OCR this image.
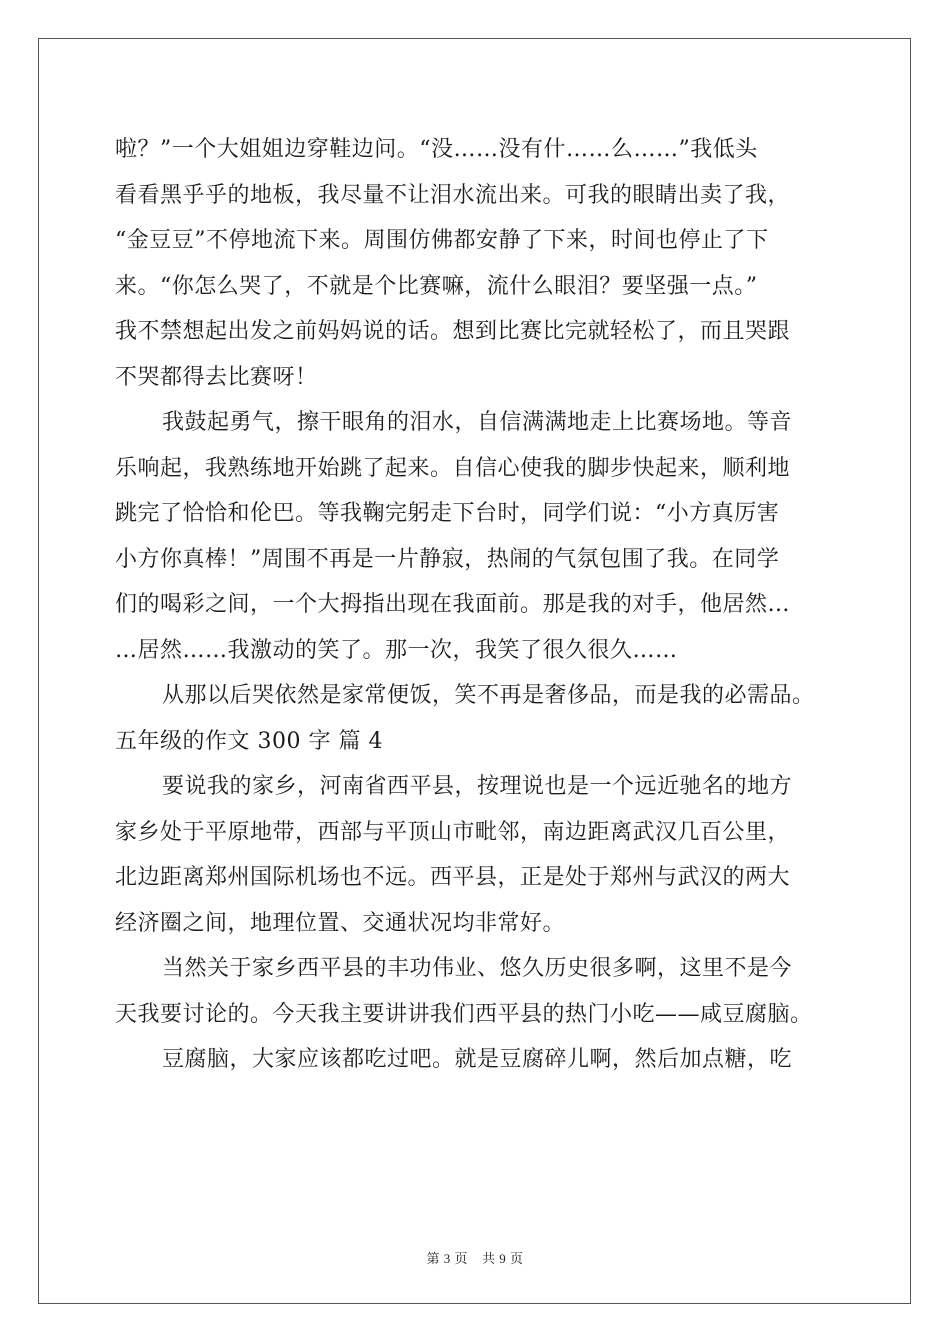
啦？”一个大姐姐边穿鞋边问。“没……没有什……么……”我低头
看看黑乎乎的地板，我尽量不让泪水流出来。可我的眼睛出卖了我，
“金豆豆”不停地流下来。周围仿佛都安静了下来，时间也停止了下
来。“你怎么哭了，不就是个比赛嘛，流什么眼泪？要坚强一点。”
我不禁想起出发之前妈妈说的话。想到比赛比完就轻松了，而且哭跟
不哭都得去比赛呀！
我鼓起勇气，擦干眼角的泪水，自信满满地走上比赛场地。等音
乐响起，我熟练地开始跳了起来。自信心使我的脚步快起来，顺利地
跳完了恰恰和伦巴。等我鞠完躬走下台时，同学们说：“小方真厉害
小方你真棒！”周围不再是一片静寂，热闹的气氛包围了我。在同学
们的喝彩之间，一个大拇指出现在我面前。那是我的对手，他居然…
…居然……我激动的笑了。那一次，我笑了很久很久……
从那以后哭依然是家常便饭，笑不再是奢侈品，而是我的必需品。
五年级的作文 300 字 篇 4
要说我的家乡，河南省西平县，按理说也是一个远近驰名的地方
家乡处于平原地带，西部与平顶山市毗邻，南边距离武汉几百公里，
北边距离郑州国际机场也不远。西平县，正是处于郑州与武汉的两大
经济圈之间，地理位置、交通状况均非常好。
当然关于家乡西平县的丰功伟业、悠久历史很多啊，这里不是今
天我要讨论的。今天我主要讲讲我们西平县的热门小吃——咸豆腐脑。
豆腐脑，大家应该都吃过吧。就是豆腐碎儿啊，然后加点糖，吃
第 3 页 共 9 页
